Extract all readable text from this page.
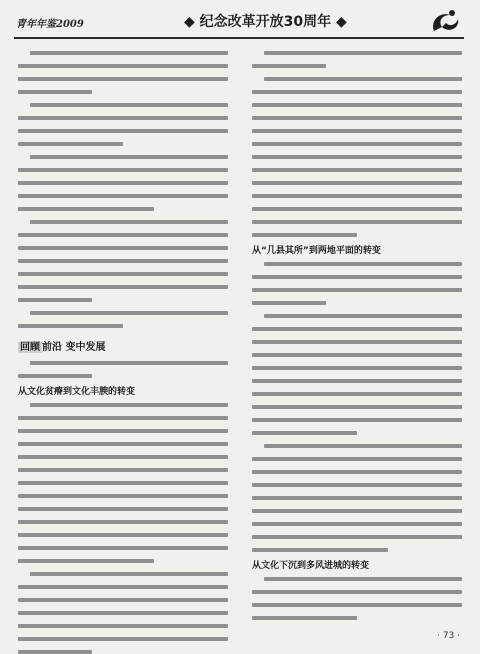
青年年鉴2009	◆ 纪念改革开放30周年 ◆
回顾 前沿 变中发展
从文化贫瘠到文化丰腴的转变
从“几县其所”到两地平面的转变
从文化下沉到多风进城的转变
· 73 ·
